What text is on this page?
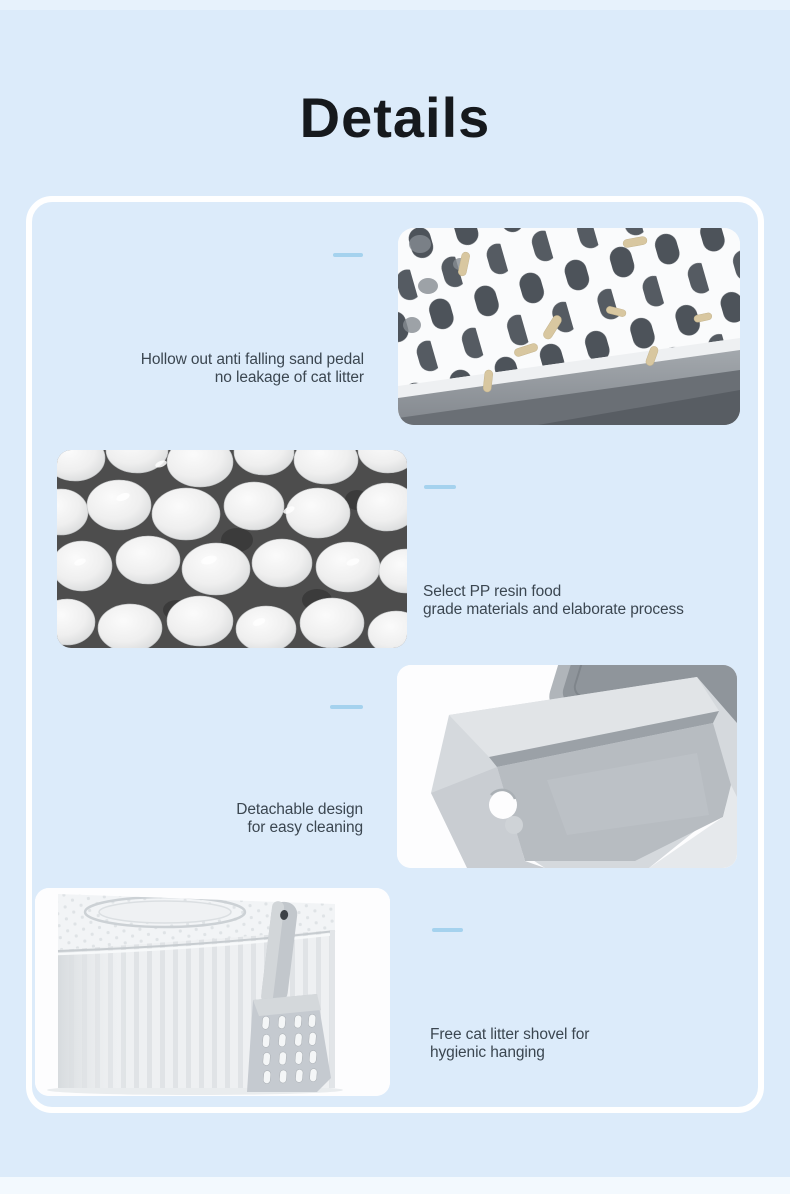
Details
Hollow out anti falling sand pedal
no leakage of cat litter
Select PP resin food
grade materials and elaborate process
Detachable design
for easy cleaning
Free cat litter shovel for
hygienic hanging
